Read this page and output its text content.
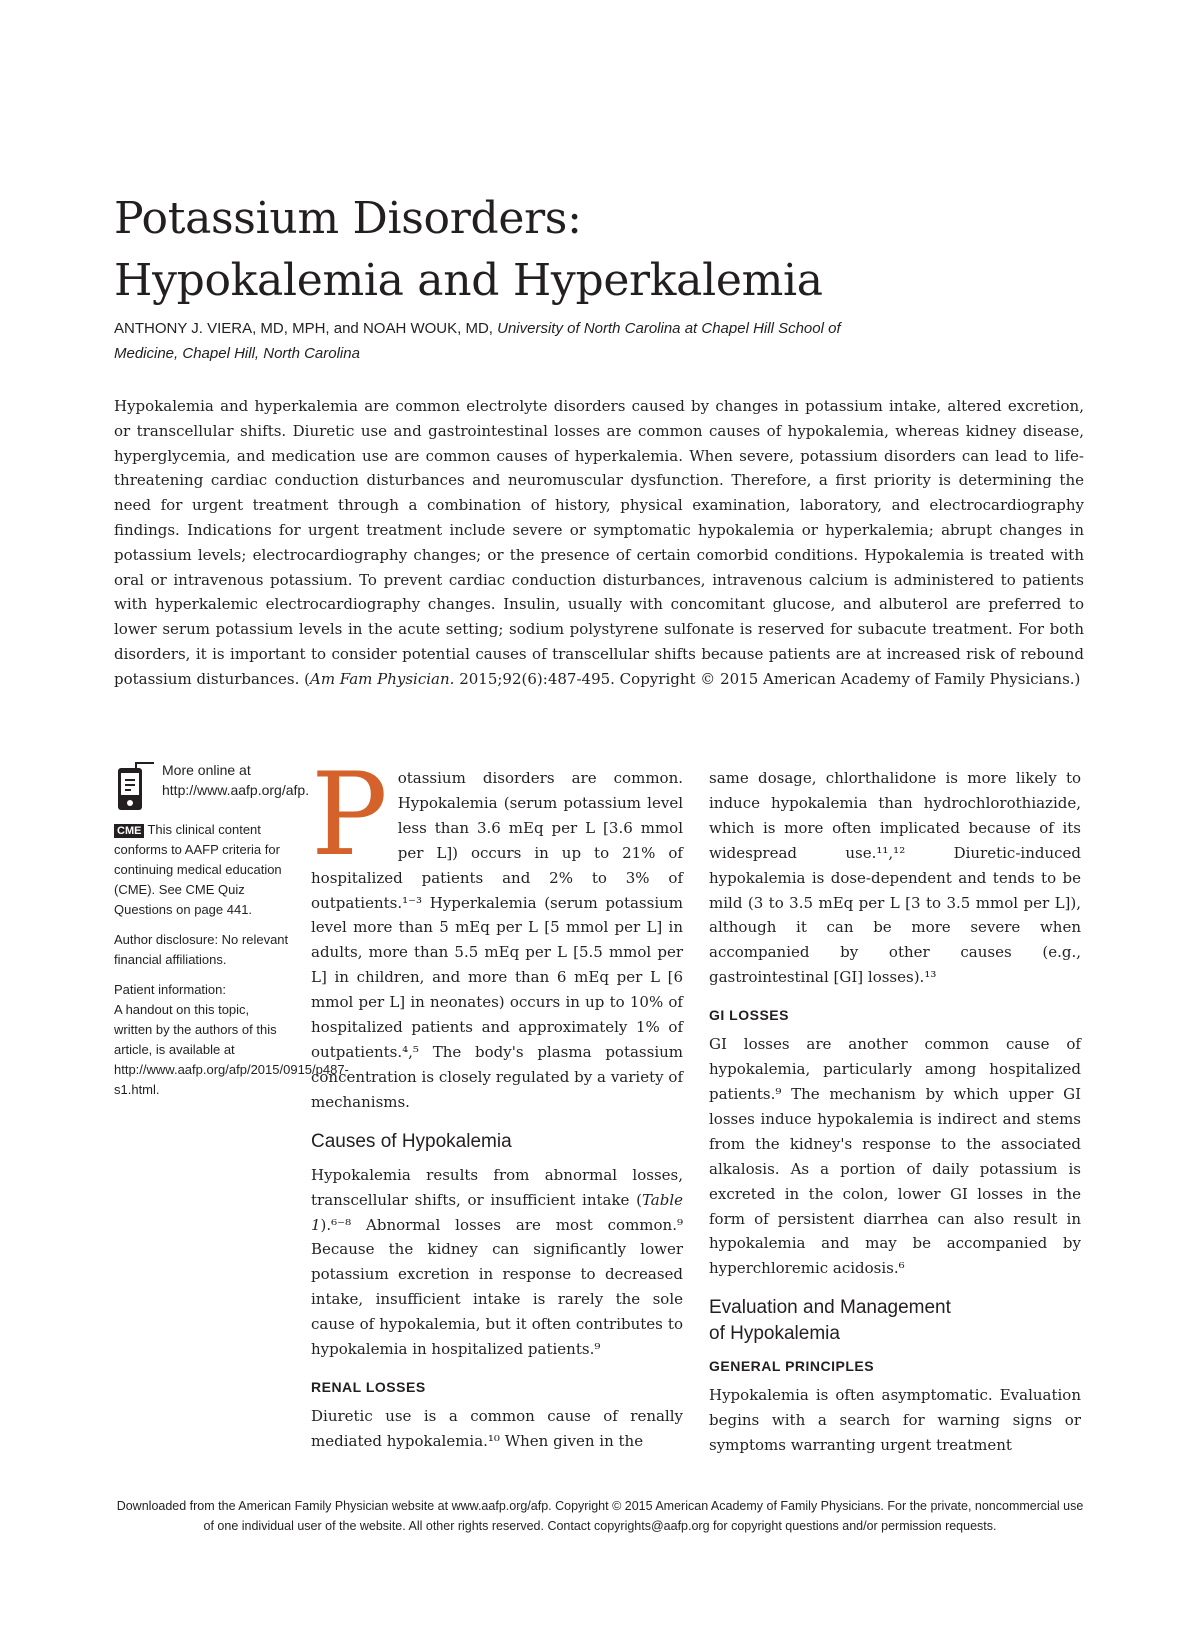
Potassium Disorders:
Hypokalemia and Hyperkalemia
ANTHONY J. VIERA, MD, MPH, and NOAH WOUK, MD, University of North Carolina at Chapel Hill School of Medicine, Chapel Hill, North Carolina

Hypokalemia and hyperkalemia are common electrolyte disorders caused by changes in potassium intake, altered excretion, or transcellular shifts. Diuretic use and gastrointestinal losses are common causes of hypokalemia, whereas kidney disease, hyperglycemia, and medication use are common causes of hyperkalemia. When severe, potassium disorders can lead to life-threatening cardiac conduction disturbances and neuromuscular dysfunction. Therefore, a first priority is determining the need for urgent treatment through a combination of history, physical examination, laboratory, and electrocardiography findings. Indications for urgent treatment include severe or symptomatic hypokalemia or hyperkalemia; abrupt changes in potassium levels; electrocardiography changes; or the presence of certain comorbid conditions. Hypokalemia is treated with oral or intravenous potassium. To prevent cardiac conduction disturbances, intravenous calcium is administered to patients with hyperkalemic electrocardiography changes. Insulin, usually with concomitant glucose, and albuterol are preferred to lower serum potassium levels in the acute setting; sodium polystyrene sulfonate is reserved for subacute treatment. For both disorders, it is important to consider potential causes of transcellular shifts because patients are at increased risk of rebound potassium disturbances. (Am Fam Physician. 2015;92(6):487-495. Copyright © 2015 American Academy of Family Physicians.)

More online at http://www.aafp.org/afp.

CME This clinical content conforms to AAFP criteria for continuing medical education (CME). See CME Quiz Questions on page 441.

Author disclosure: No relevant financial affiliations.

Patient information:
A handout on this topic, written by the authors of this article, is available at http://www.aafp.org/afp/2015/0915/p487-s1.html.

Potassium disorders are common. Hypokalemia (serum potassium level less than 3.6 mEq per L [3.6 mmol per L]) occurs in up to 21% of hospitalized patients and 2% to 3% of outpatients.¹⁻³ Hyperkalemia (serum potassium level more than 5 mEq per L [5 mmol per L] in adults, more than 5.5 mEq per L [5.5 mmol per L] in children, and more than 6 mEq per L [6 mmol per L] in neonates) occurs in up to 10% of hospitalized patients and approximately 1% of outpatients.⁴,⁵ The body's plasma potassium concentration is closely regulated by a variety of mechanisms.

Causes of Hypokalemia

Hypokalemia results from abnormal losses, transcellular shifts, or insufficient intake (Table 1).⁶⁻⁸ Abnormal losses are most common.⁹ Because the kidney can significantly lower potassium excretion in response to decreased intake, insufficient intake is rarely the sole cause of hypokalemia, but it often contributes to hypokalemia in hospitalized patients.⁹

RENAL LOSSES

Diuretic use is a common cause of renally mediated hypokalemia.¹⁰ When given in the

same dosage, chlorthalidone is more likely to induce hypokalemia than hydrochlorothiazide, which is more often implicated because of its widespread use.¹¹,¹² Diuretic-induced hypokalemia is dose-dependent and tends to be mild (3 to 3.5 mEq per L [3 to 3.5 mmol per L]), although it can be more severe when accompanied by other causes (e.g., gastrointestinal [GI] losses).¹³

GI LOSSES

GI losses are another common cause of hypokalemia, particularly among hospitalized patients.⁹ The mechanism by which upper GI losses induce hypokalemia is indirect and stems from the kidney's response to the associated alkalosis. As a portion of daily potassium is excreted in the colon, lower GI losses in the form of persistent diarrhea can also result in hypokalemia and may be accompanied by hyperchloremic acidosis.⁶

Evaluation and Management
of Hypokalemia
GENERAL PRINCIPLES

Hypokalemia is often asymptomatic. Evaluation begins with a search for warning signs or symptoms warranting urgent treatment

Downloaded from the American Family Physician website at www.aafp.org/afp. Copyright © 2015 American Academy of Family Physicians. For the private, noncommercial use of one individual user of the website. All other rights reserved. Contact copyrights@aafp.org for copyright questions and/or permission requests.
